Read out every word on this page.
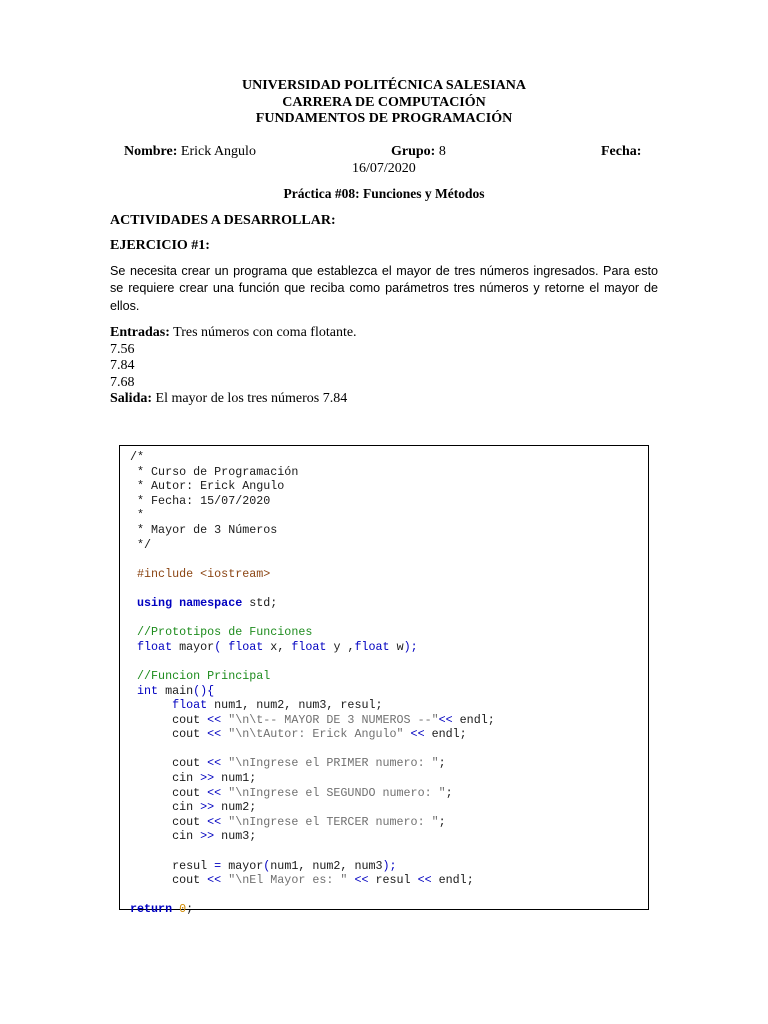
UNIVERSIDAD POLITÉCNICA SALESIANA
CARRERA DE COMPUTACIÓN
FUNDAMENTOS DE PROGRAMACIÓN
Nombre: Erick Angulo	Grupo: 8	Fecha:
16/07/2020
Práctica #08: Funciones y Métodos
ACTIVIDADES A DESARROLLAR:
EJERCICIO #1:
Se necesita crear un programa que establezca el mayor de tres números ingresados. Para esto se requiere crear una función que reciba como parámetros tres números y retorne el mayor de ellos.
Entradas: Tres números con coma flotante.
7.56
7.84
7.68
Salida: El mayor de los tres números 7.84
/*
* Curso de Programación
* Autor: Erick Angulo
* Fecha: 15/07/2020
*
* Mayor de 3 Números
*/
#include <iostream>
using namespace std;
//Prototipos de Funciones
float mayor( float x, float y ,float w);
//Funcion Principal
int main(){
float num1, num2, num3, resul;
cout << "\n\t-- MAYOR DE 3 NUMEROS --"<< endl;
cout << "\n\tAutor: Erick Angulo" << endl;
cout << "\nIngrese el PRIMER numero: ";
cin >> num1;
cout << "\nIngrese el SEGUNDO numero: ";
cin >> num2;
cout << "\nIngrese el TERCER numero: ";
cin >> num3;
resul = mayor(num1, num2, num3);
cout << "\nEl Mayor es: " << resul << endl;
return 0;
